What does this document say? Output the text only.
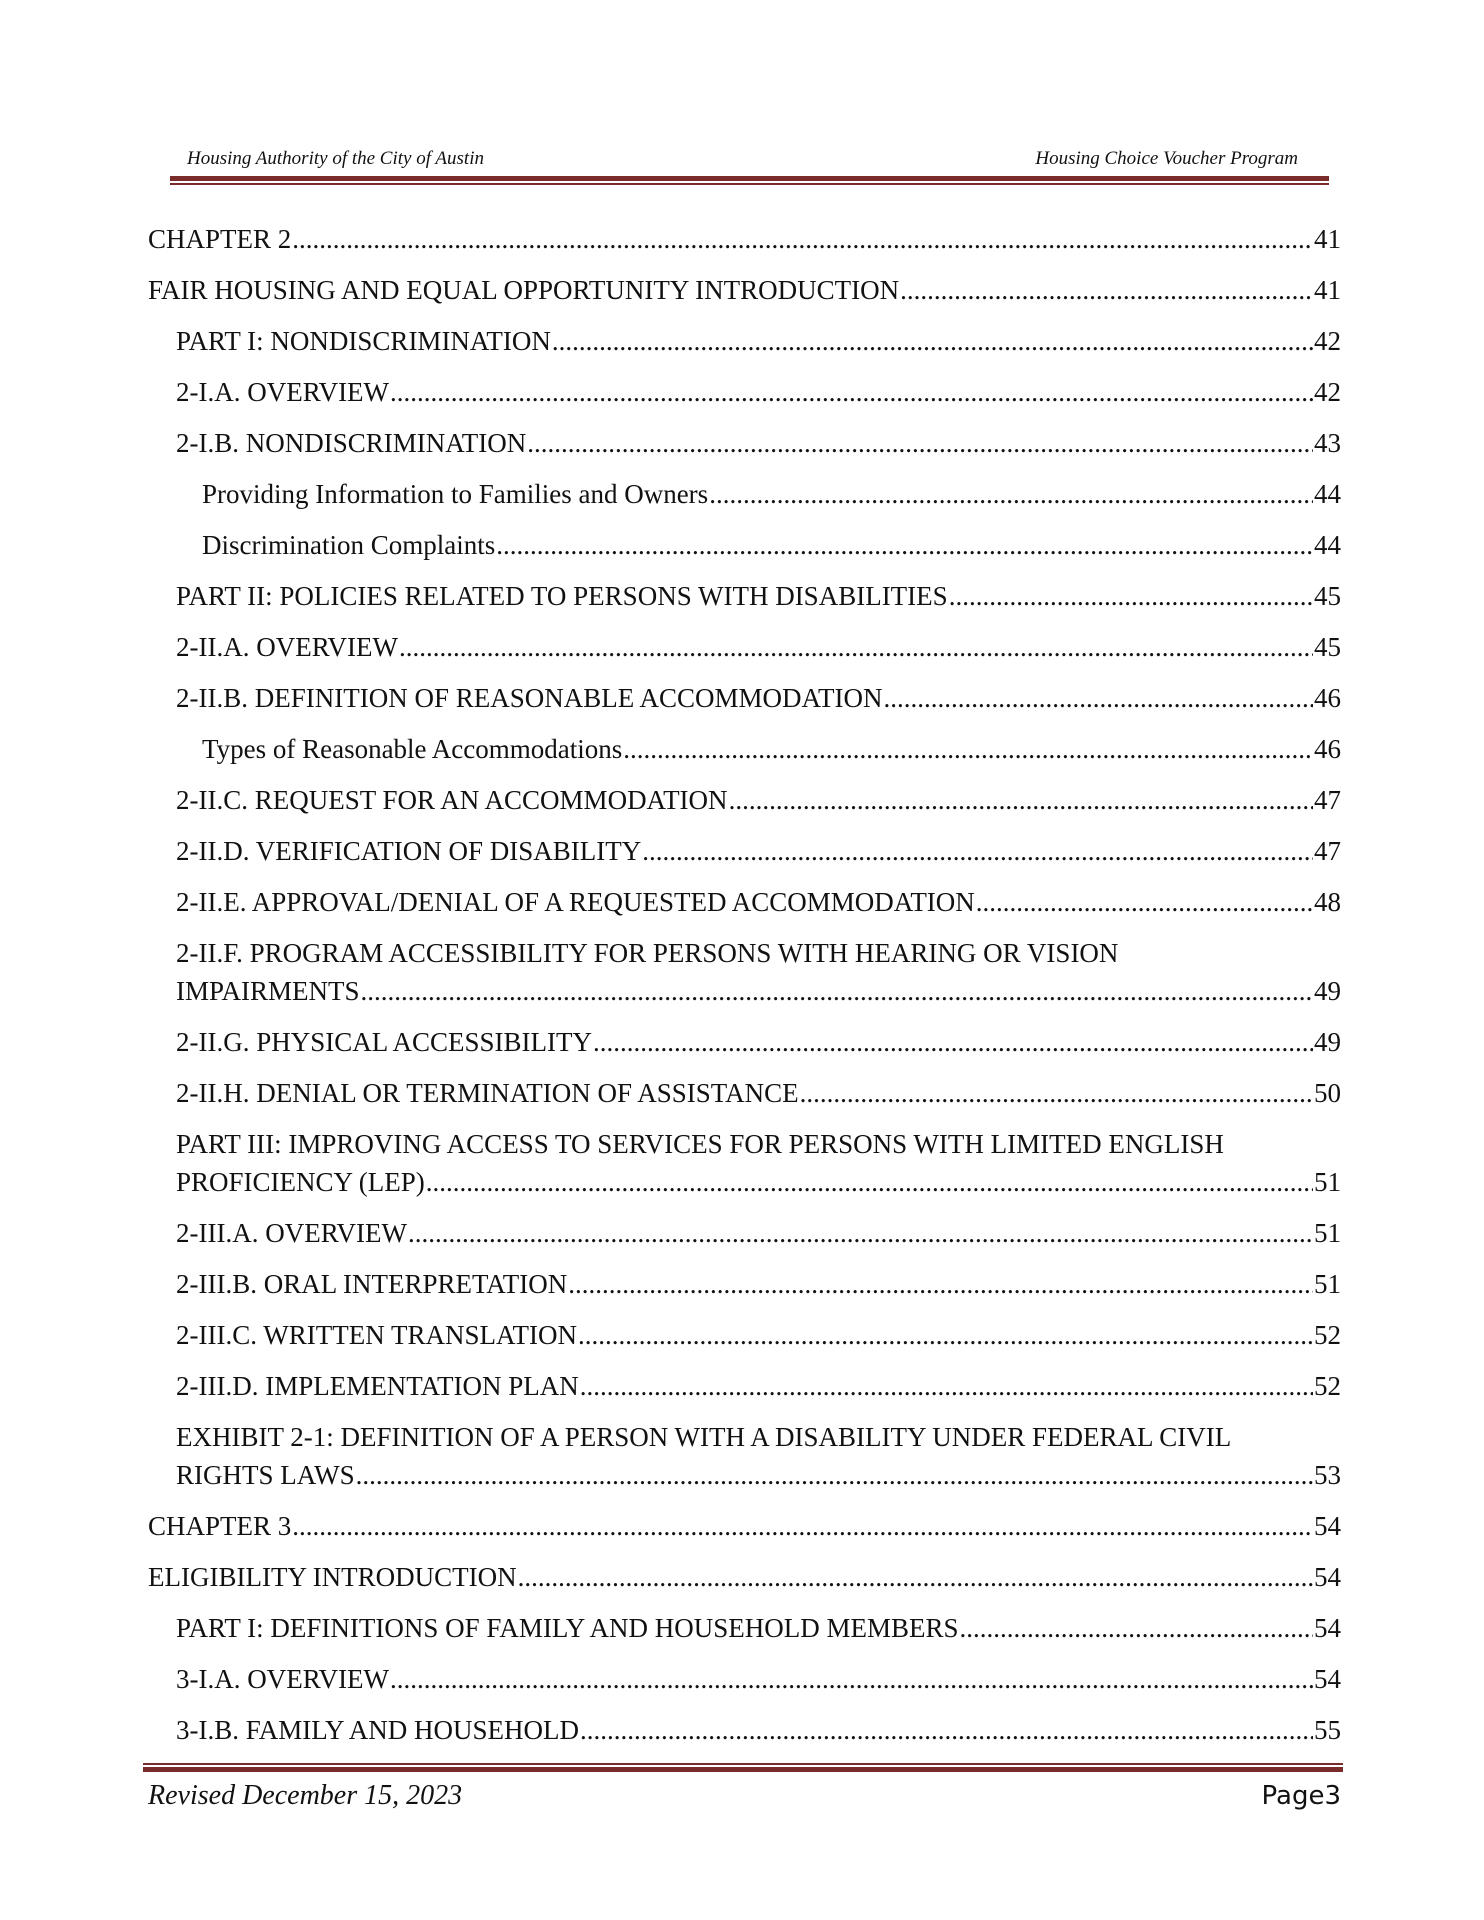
Housing Authority of the City of Austin	Housing Choice Voucher Program
CHAPTER 2 .....	41
FAIR HOUSING AND EQUAL OPPORTUNITY INTRODUCTION .....	41
PART I: NONDISCRIMINATION .....	42
2-I.A. OVERVIEW .....	42
2-I.B. NONDISCRIMINATION .....	43
Providing Information to Families and Owners .....	44
Discrimination Complaints .....	44
PART II: POLICIES RELATED TO PERSONS WITH DISABILITIES .....	45
2-II.A. OVERVIEW .....	45
2-II.B. DEFINITION OF REASONABLE ACCOMMODATION .....	46
Types of Reasonable Accommodations .....	46
2-II.C. REQUEST FOR AN ACCOMMODATION .....	47
2-II.D. VERIFICATION OF DISABILITY .....	47
2-II.E. APPROVAL/DENIAL OF A REQUESTED ACCOMMODATION .....	48
2-II.F. PROGRAM ACCESSIBILITY FOR PERSONS WITH HEARING OR VISION
IMPAIRMENTS .....	49
2-II.G. PHYSICAL ACCESSIBILITY .....	49
2-II.H. DENIAL OR TERMINATION OF ASSISTANCE .....	50
PART III: IMPROVING ACCESS TO SERVICES FOR PERSONS WITH LIMITED ENGLISH
PROFICIENCY (LEP) .....	51
2-III.A. OVERVIEW .....	51
2-III.B. ORAL INTERPRETATION .....	51
2-III.C. WRITTEN TRANSLATION .....	52
2-III.D. IMPLEMENTATION PLAN .....	52
EXHIBIT 2-1: DEFINITION OF A PERSON WITH A DISABILITY UNDER FEDERAL CIVIL
RIGHTS LAWS .....	53
CHAPTER 3 .....	54
ELIGIBILITY INTRODUCTION .....	54
PART I: DEFINITIONS OF FAMILY AND HOUSEHOLD MEMBERS .....	54
3-I.A. OVERVIEW .....	54
3-I.B. FAMILY AND HOUSEHOLD .....	55
Revised December 15, 2023	Page3
